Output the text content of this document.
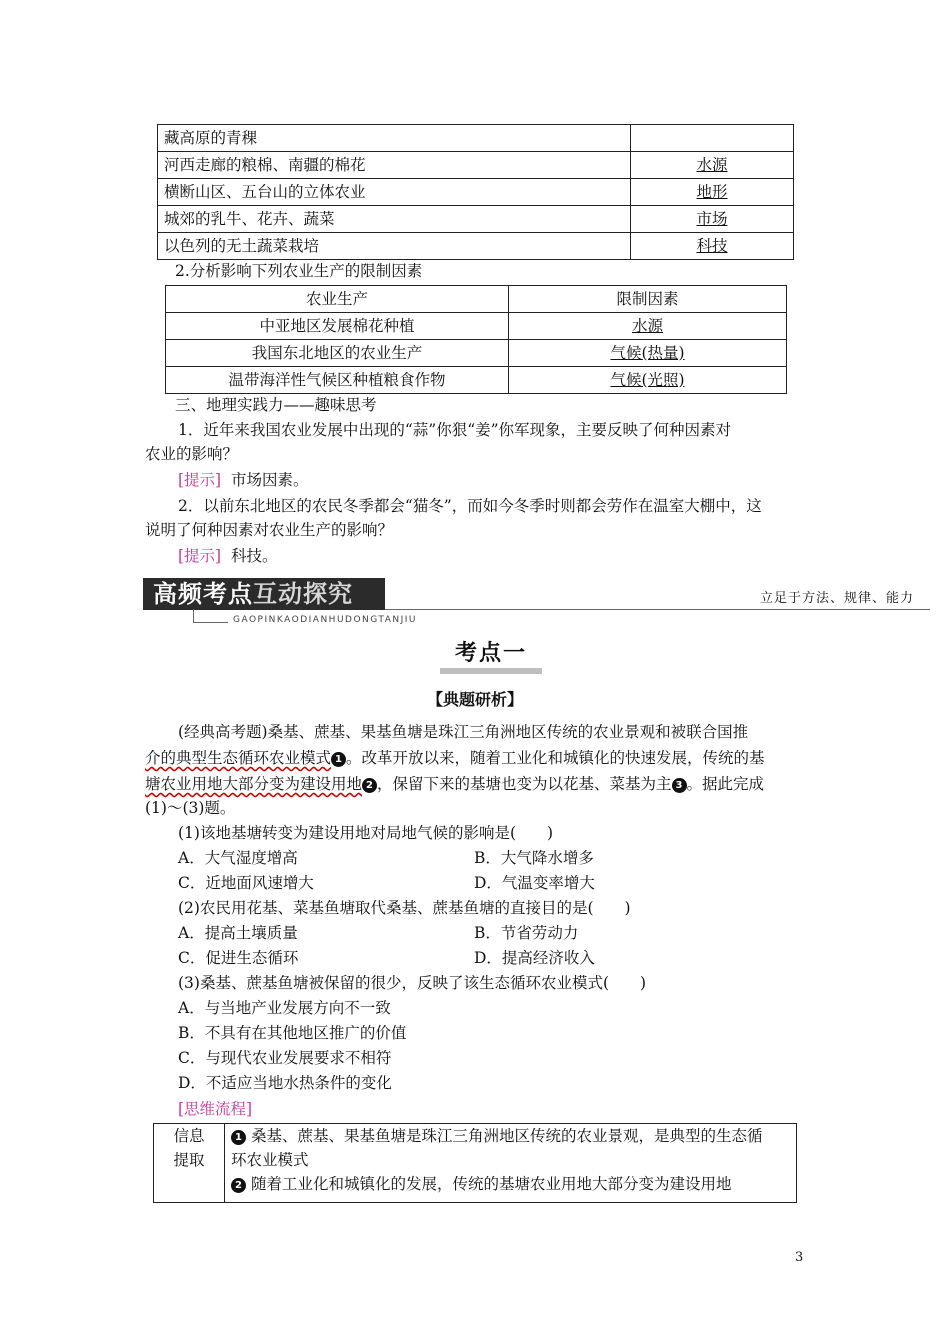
藏高原的青稞	
河西走廊的粮棉、南疆的棉花	水源
横断山区、五台山的立体农业	地形
城郊的乳牛、花卉、蔬菜	市场
以色列的无土蔬菜栽培	科技
2.分析影响下列农业生产的限制因素
农业生产	限制因素
中亚地区发展棉花种植	水源
我国东北地区的农业生产	气候(热量)
温带海洋性气候区种植粮食作物	气候(光照)
三、地理实践力——趣味思考
1．近年来我国农业发展中出现的“蒜”你狠“姜”你军现象，主要反映了何种因素对
农业的影响？
[提示] 市场因素。
2．以前东北地区的农民冬季都会“猫冬”，而如今冬季时则都会劳作在温室大棚中，这
说明了何种因素对农业生产的影响？
[提示] 科技。
高频考点互动探究
GAOPINKAODIANHUDONGTANJIU
立足于方法、规律、能力
考点一
【典题研析】
(经典高考题)桑基、蔗基、果基鱼塘是珠江三角洲地区传统的农业景观和被联合国推
介的典型生态循环农业模式 1 。改革开放以来，随着工业化和城镇化的快速发展，传统的基
塘农业用地大部分变为建设用地 2 ，保留下来的基塘也变为以花基、菜基为主 3 。据此完成
(1)～(3)题。
(1)该地基塘转变为建设用地对局地气候的影响是(　　)
A．大气湿度增高	B．大气降水增多
C．近地面风速增大	D．气温变率增大
(2)农民用花基、菜基鱼塘取代桑基、蔗基鱼塘的直接目的是(　　)
A．提高土壤质量	B．节省劳动力
C．促进生态循环	D．提高经济收入
(3)桑基、蔗基鱼塘被保留的很少，反映了该生态循环农业模式(　　)
A．与当地产业发展方向不一致
B．不具有在其他地区推广的价值
C．与现代农业发展要求不相符
D．不适应当地水热条件的变化
[思维流程]
信息
提取

1 桑基、蔗基、果基鱼塘是珠江三角洲地区传统的农业景观，是典型的生态循
环农业模式
2 随着工业化和城镇化的发展，传统的基塘农业用地大部分变为建设用地
3
